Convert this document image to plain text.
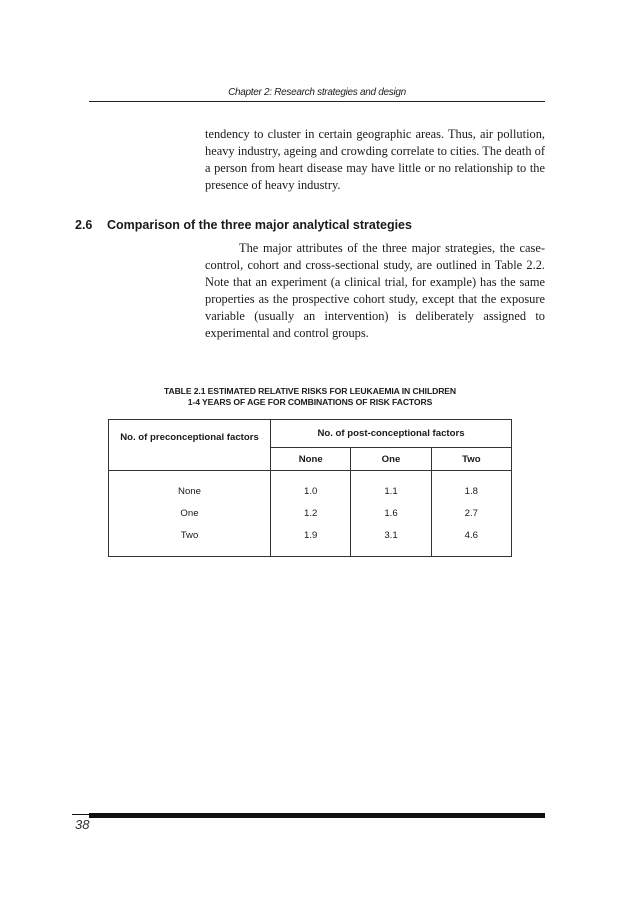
Chapter 2: Research strategies and design

tendency to cluster in certain geographic areas. Thus, air pollution, heavy industry, ageing and crowding correlate to cities. The death of a person from heart disease may have little or no relationship to the presence of heavy industry.

2.6 Comparison of the three major analytical strategies

The major attributes of the three major strategies, the case-control, cohort and cross-sectional study, are outlined in Table 2.2. Note that an experiment (a clinical trial, for example) has the same properties as the prospective cohort study, except that the exposure variable (usually an intervention) is deliberately assigned to experimental and control groups.

TABLE 2.1 ESTIMATED RELATIVE RISKS FOR LEUKAEMIA IN CHILDREN
1-4 YEARS OF AGE FOR COMBINATIONS OF RISK FACTORS
No. of preconceptional factors	No. of post-conceptional factors		
	None	One	Two
None	1.0	1.1	1.8
One	1.2	1.6	2.7
Two	1.9	3.1	4.6
38
